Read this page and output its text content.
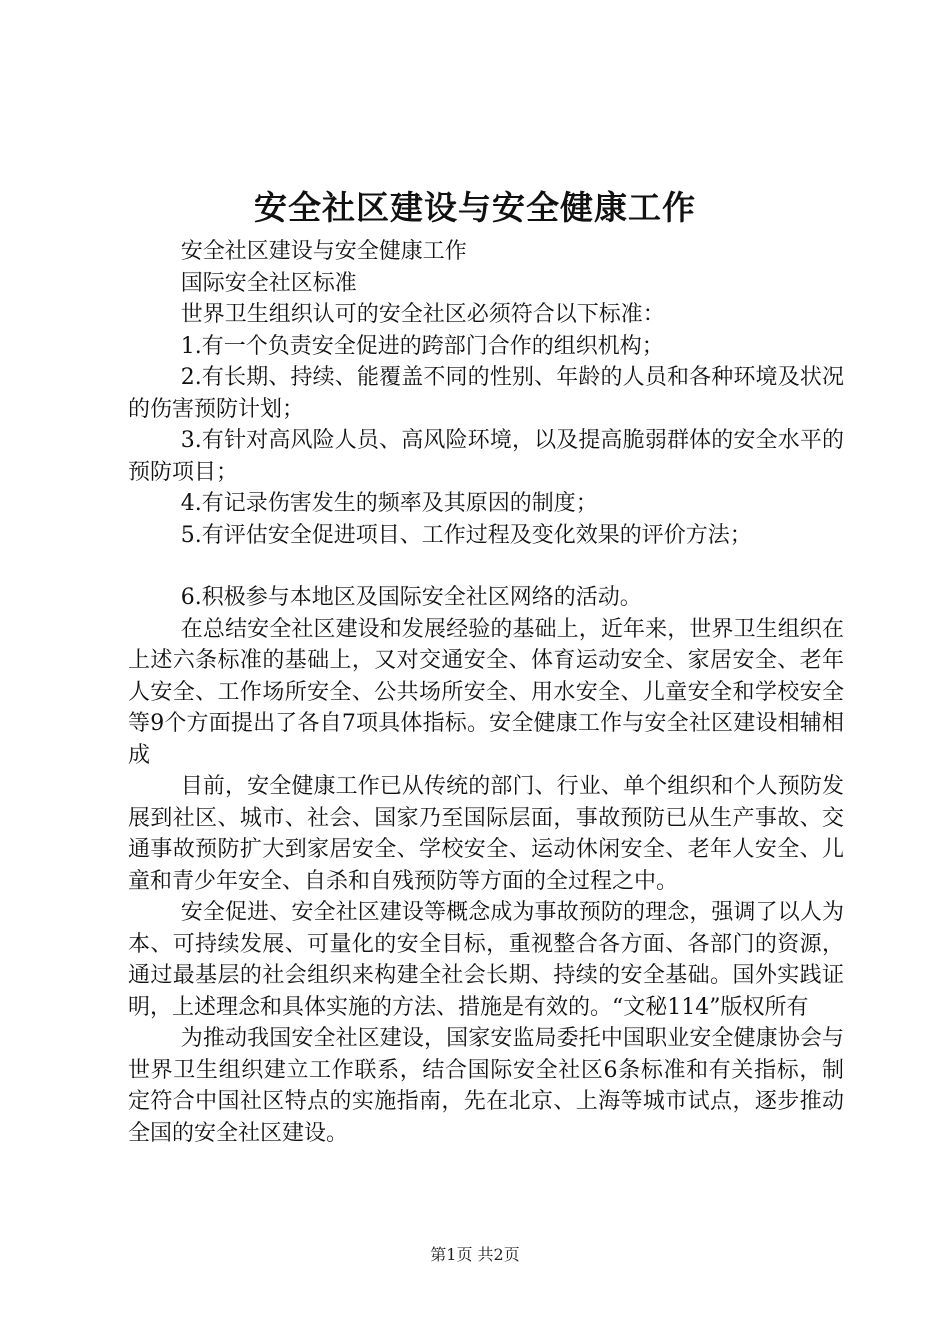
安全社区建设与安全健康工作

安全社区建设与安全健康工作

国际安全社区标准

世界卫生组织认可的安全社区必须符合以下标准：

1.有一个负责安全促进的跨部门合作的组织机构；

2.有长期、持续、能覆盖不同的性别、年龄的人员和各种环境及状况的伤害预防计划；

3.有针对高风险人员、高风险环境，以及提高脆弱群体的安全水平的预防项目；

4.有记录伤害发生的频率及其原因的制度；

5.有评估安全促进项目、工作过程及变化效果的评价方法；

6.积极参与本地区及国际安全社区网络的活动。

在总结安全社区建设和发展经验的基础上，近年来，世界卫生组织在上述六条标准的基础上，又对交通安全、体育运动安全、家居安全、老年人安全、工作场所安全、公共场所安全、用水安全、儿童安全和学校安全等9个方面提出了各自7项具体指标。安全健康工作与安全社区建设相辅相成

目前，安全健康工作已从传统的部门、行业、单个组织和个人预防发展到社区、城市、社会、国家乃至国际层面，事故预防已从生产事故、交通事故预防扩大到家居安全、学校安全、运动休闲安全、老年人安全、儿童和青少年安全、自杀和自残预防等方面的全过程之中。

安全促进、安全社区建设等概念成为事故预防的理念，强调了以人为本、可持续发展、可量化的安全目标，重视整合各方面、各部门的资源，通过最基层的社会组织来构建全社会长期、持续的安全基础。国外实践证明，上述理念和具体实施的方法、措施是有效的。“文秘114”版权所有

为推动我国安全社区建设，国家安监局委托中国职业安全健康协会与世界卫生组织建立工作联系，结合国际安全社区6条标准和有关指标，制定符合中国社区特点的实施指南，先在北京、上海等城市试点，逐步推动全国的安全社区建设。

第1页 共2页
